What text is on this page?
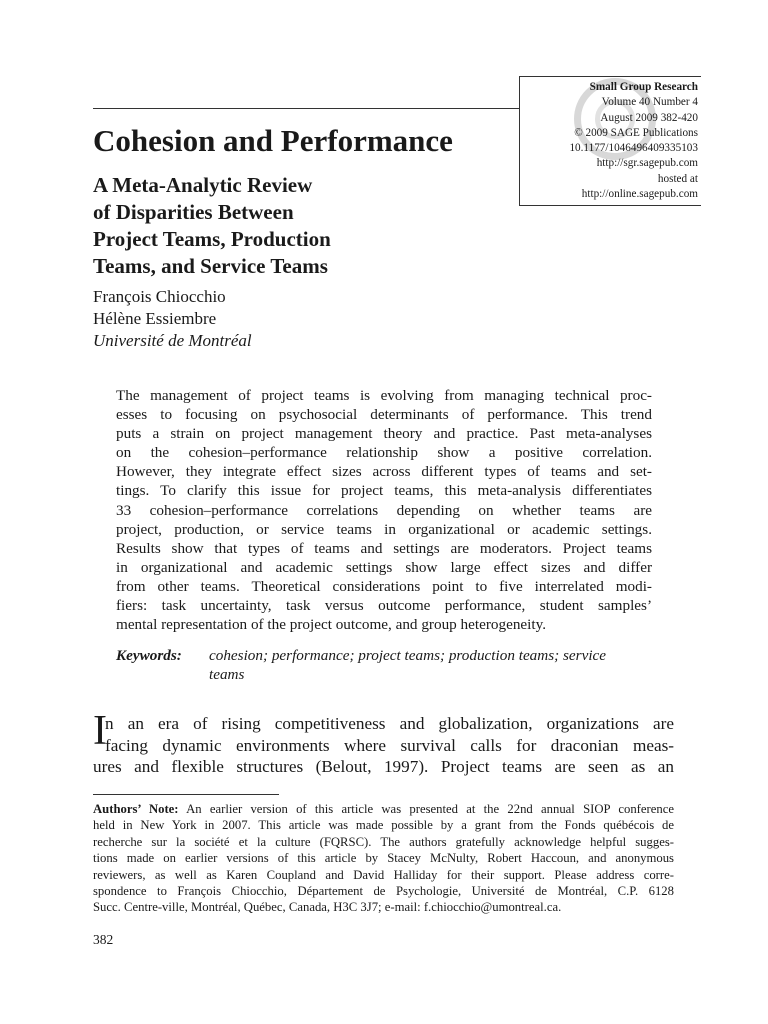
Small Group Research
Volume 40 Number 4
August 2009 382-420
© 2009 SAGE Publications
10.1177/1046496409335103
http://sgr.sagepub.com
hosted at
http://online.sagepub.com
Cohesion and Performance
A Meta-Analytic Review
of Disparities Between
Project Teams, Production
Teams, and Service Teams
François Chiocchio
Hélène Essiembre
Université de Montréal
The management of project teams is evolving from managing technical proc-
esses to focusing on psychosocial determinants of performance. This trend
puts a strain on project management theory and practice. Past meta-analyses
on the cohesion–performance relationship show a positive correlation.
However, they integrate effect sizes across different types of teams and set-
tings. To clarify this issue for project teams, this meta-analysis differentiates
33 cohesion–performance correlations depending on whether teams are
project, production, or service teams in organizational or academic settings.
Results show that types of teams and settings are moderators. Project teams
in organizational and academic settings show large effect sizes and differ
from other teams. Theoretical considerations point to five interrelated modi-
fiers: task uncertainty, task versus outcome performance, student samples’
mental representation of the project outcome, and group heterogeneity.
Keywords: cohesion; performance; project teams; production teams; service
teams
I
n an era of rising competitiveness and globalization, organizations are
facing dynamic environments where survival calls for draconian meas-
ures and flexible structures (Belout, 1997). Project teams are seen as an
Authors’ Note: An earlier version of this article was presented at the 22nd annual SIOP conference
held in New York in 2007. This article was made possible by a grant from the Fonds québécois de
recherche sur la société et la culture (FQRSC). The authors gratefully acknowledge helpful sugges-
tions made on earlier versions of this article by Stacey McNulty, Robert Haccoun, and anonymous
reviewers, as well as Karen Coupland and David Halliday for their support. Please address corre-
spondence to François Chiocchio, Département de Psychologie, Université de Montréal, C.P. 6128
Succ. Centre-ville, Montréal, Québec, Canada, H3C 3J7; e-mail: f.chiocchio@umontreal.ca.
382
